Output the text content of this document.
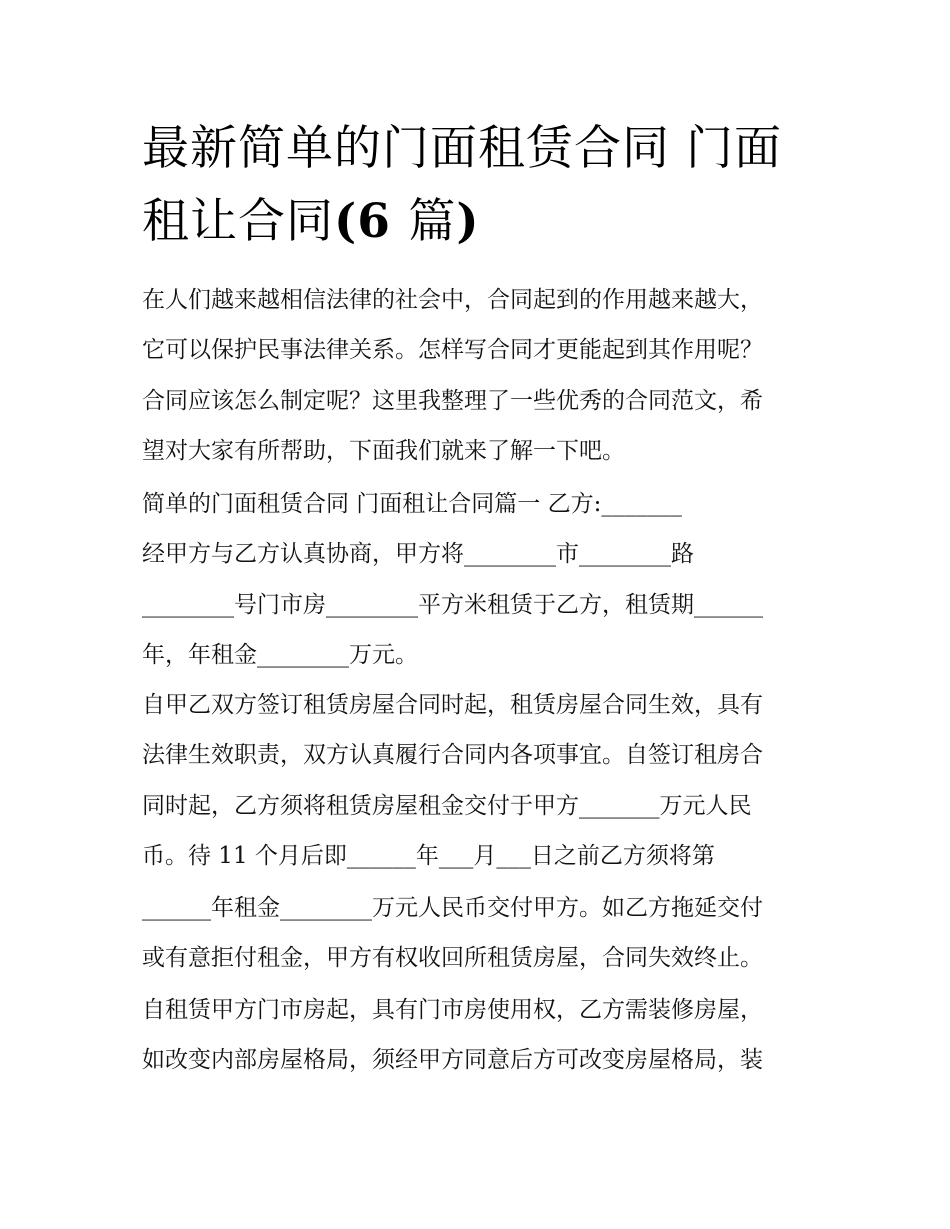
最新简单的门面租赁合同 门面
租让合同(6 篇)

在人们越来越相信法律的社会中，合同起到的作用越来越大，

它可以保护民事法律关系。怎样写合同才更能起到其作用呢？

合同应该怎么制定呢？这里我整理了一些优秀的合同范文，希

望对大家有所帮助，下面我们就来了解一下吧。

简单的门面租赁合同 门面租让合同篇一 乙方:_______

经甲方与乙方认真协商，甲方将________市________路

________号门市房________平方米租赁于乙方，租赁期______

年，年租金________万元。

自甲乙双方签订租赁房屋合同时起，租赁房屋合同生效，具有

法律生效职责，双方认真履行合同内各项事宜。自签订租房合

同时起，乙方须将租赁房屋租金交付于甲方_______万元人民

币。待 11 个月后即______年___月___日之前乙方须将第

______年租金________万元人民币交付甲方。如乙方拖延交付

或有意拒付租金，甲方有权收回所租赁房屋，合同失效终止。

自租赁甲方门市房起，具有门市房使用权，乙方需装修房屋，

如改变内部房屋格局，须经甲方同意后方可改变房屋格局，装
